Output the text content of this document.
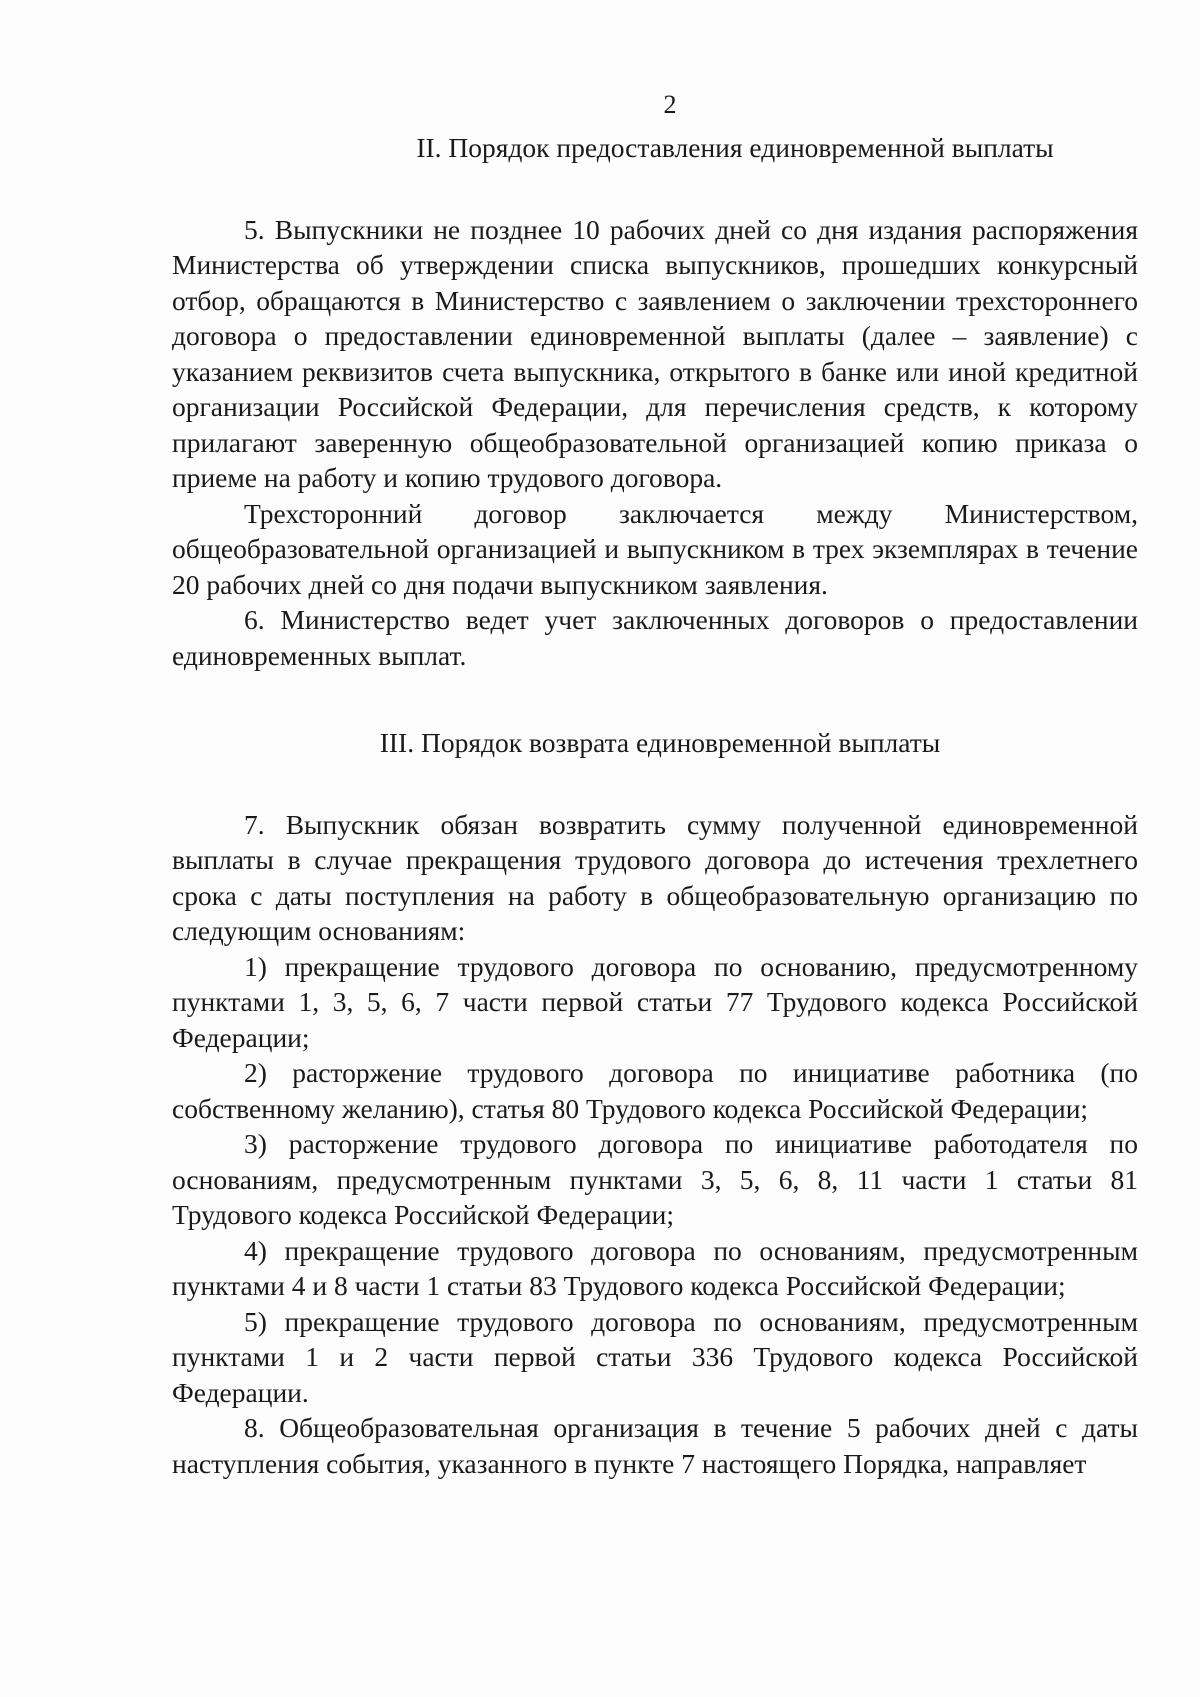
2
II. Порядок предоставления единовременной выплаты

5. Выпускники не позднее 10 рабочих дней со дня издания распоряжения Министерства об утверждении списка выпускников, прошедших конкурсный отбор, обращаются в Министерство с заявлением о заключении трехстороннего договора о предоставлении единовременной выплаты (далее – заявление) с указанием реквизитов счета выпускника, открытого в банке или иной кредитной организации Российской Федерации, для перечисления средств, к которому прилагают заверенную общеобразовательной организацией копию приказа о приеме на работу и копию трудового договора.

Трехсторонний договор заключается между Министерством, общеобразовательной организацией и выпускником в трех экземплярах в течение 20 рабочих дней со дня подачи выпускником заявления.

6. Министерство ведет учет заключенных договоров о предоставлении единовременных выплат.

III. Порядок возврата единовременной выплаты

7. Выпускник обязан возвратить сумму полученной единовременной выплаты в случае прекращения трудового договора до истечения трехлетнего срока с даты поступления на работу в общеобразовательную организацию по следующим основаниям:

1) прекращение трудового договора по основанию, предусмотренному пунктами 1, 3, 5, 6, 7 части первой статьи 77 Трудового кодекса Российской Федерации;

2) расторжение трудового договора по инициативе работника (по собственному желанию), статья 80 Трудового кодекса Российской Федерации;

3) расторжение трудового договора по инициативе работодателя по основаниям, предусмотренным пунктами 3, 5, 6, 8, 11 части 1 статьи 81 Трудового кодекса Российской Федерации;

4) прекращение трудового договора по основаниям, предусмотренным пунктами 4 и 8 части 1 статьи 83 Трудового кодекса Российской Федерации;

5) прекращение трудового договора по основаниям, предусмотренным пунктами 1 и 2 части первой статьи 336 Трудового кодекса Российской Федерации.

8. Общеобразовательная организация в течение 5 рабочих дней с даты наступления события, указанного в пункте 7 настоящего Порядка, направляет
